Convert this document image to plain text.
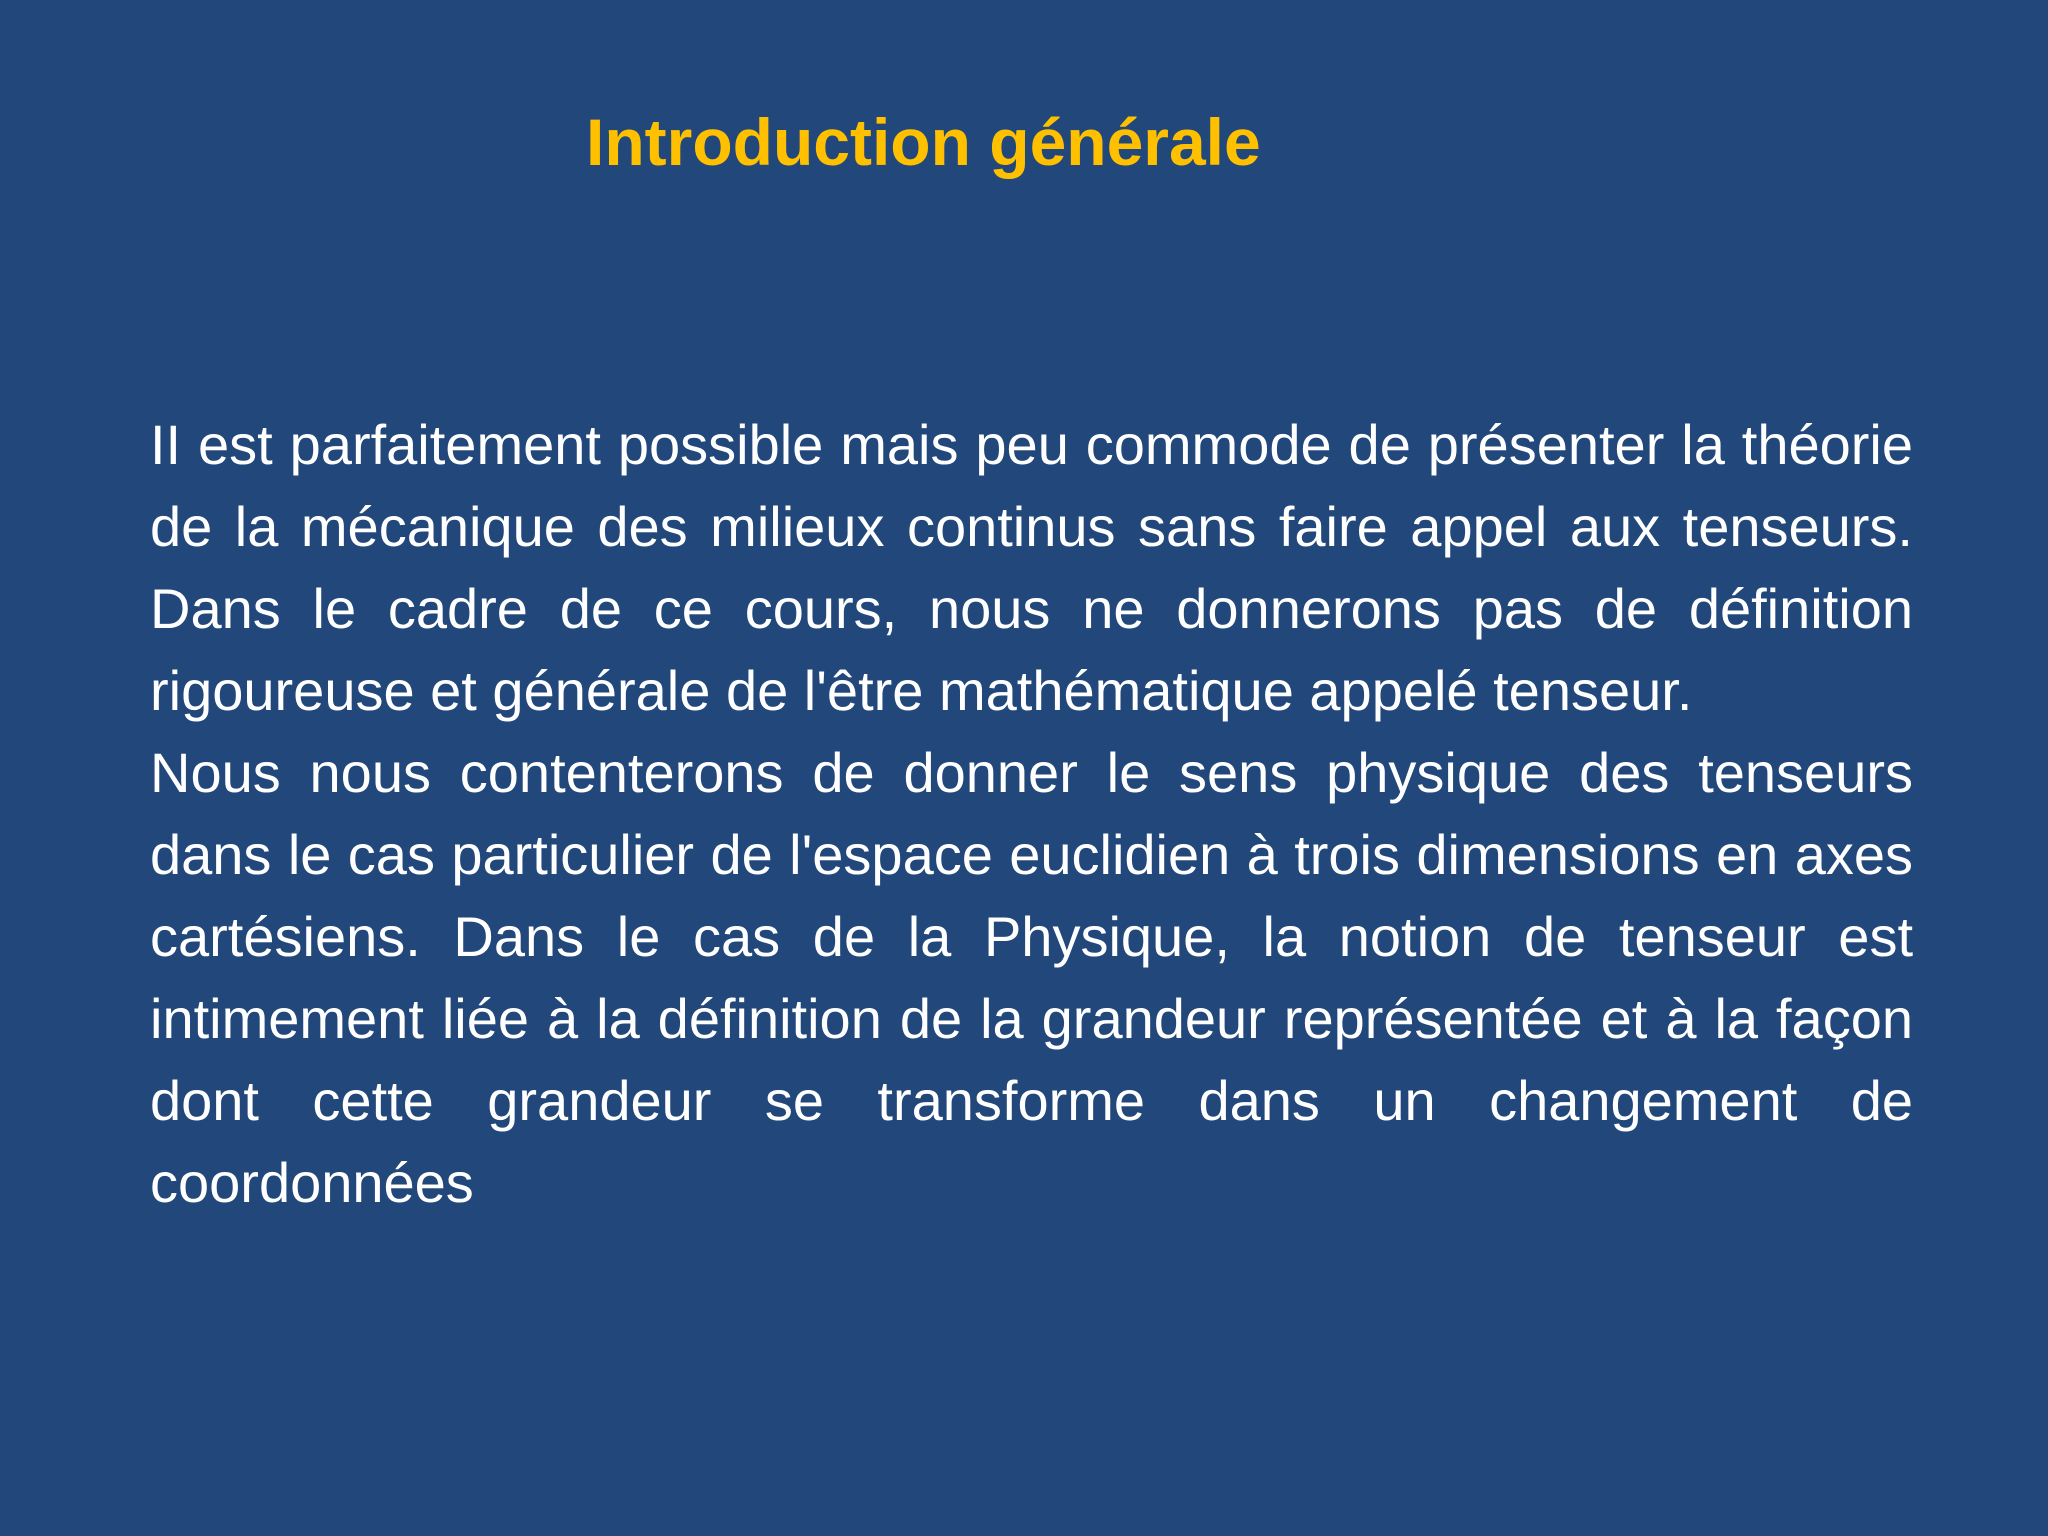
Introduction générale

II est parfaitement possible mais peu commode de présenter la théorie de la mécanique des milieux continus sans faire appel aux tenseurs. Dans le cadre de ce cours, nous ne donnerons pas de définition rigoureuse et générale de l'être mathématique appelé tenseur.

Nous nous contenterons de donner le sens physique des tenseurs dans le cas particulier de l'espace euclidien à trois dimensions en axes cartésiens. Dans le cas de la Physique, la notion de tenseur est intimement liée à la définition de la grandeur représentée et à la façon dont cette grandeur se transforme dans un changement de coordonnées
